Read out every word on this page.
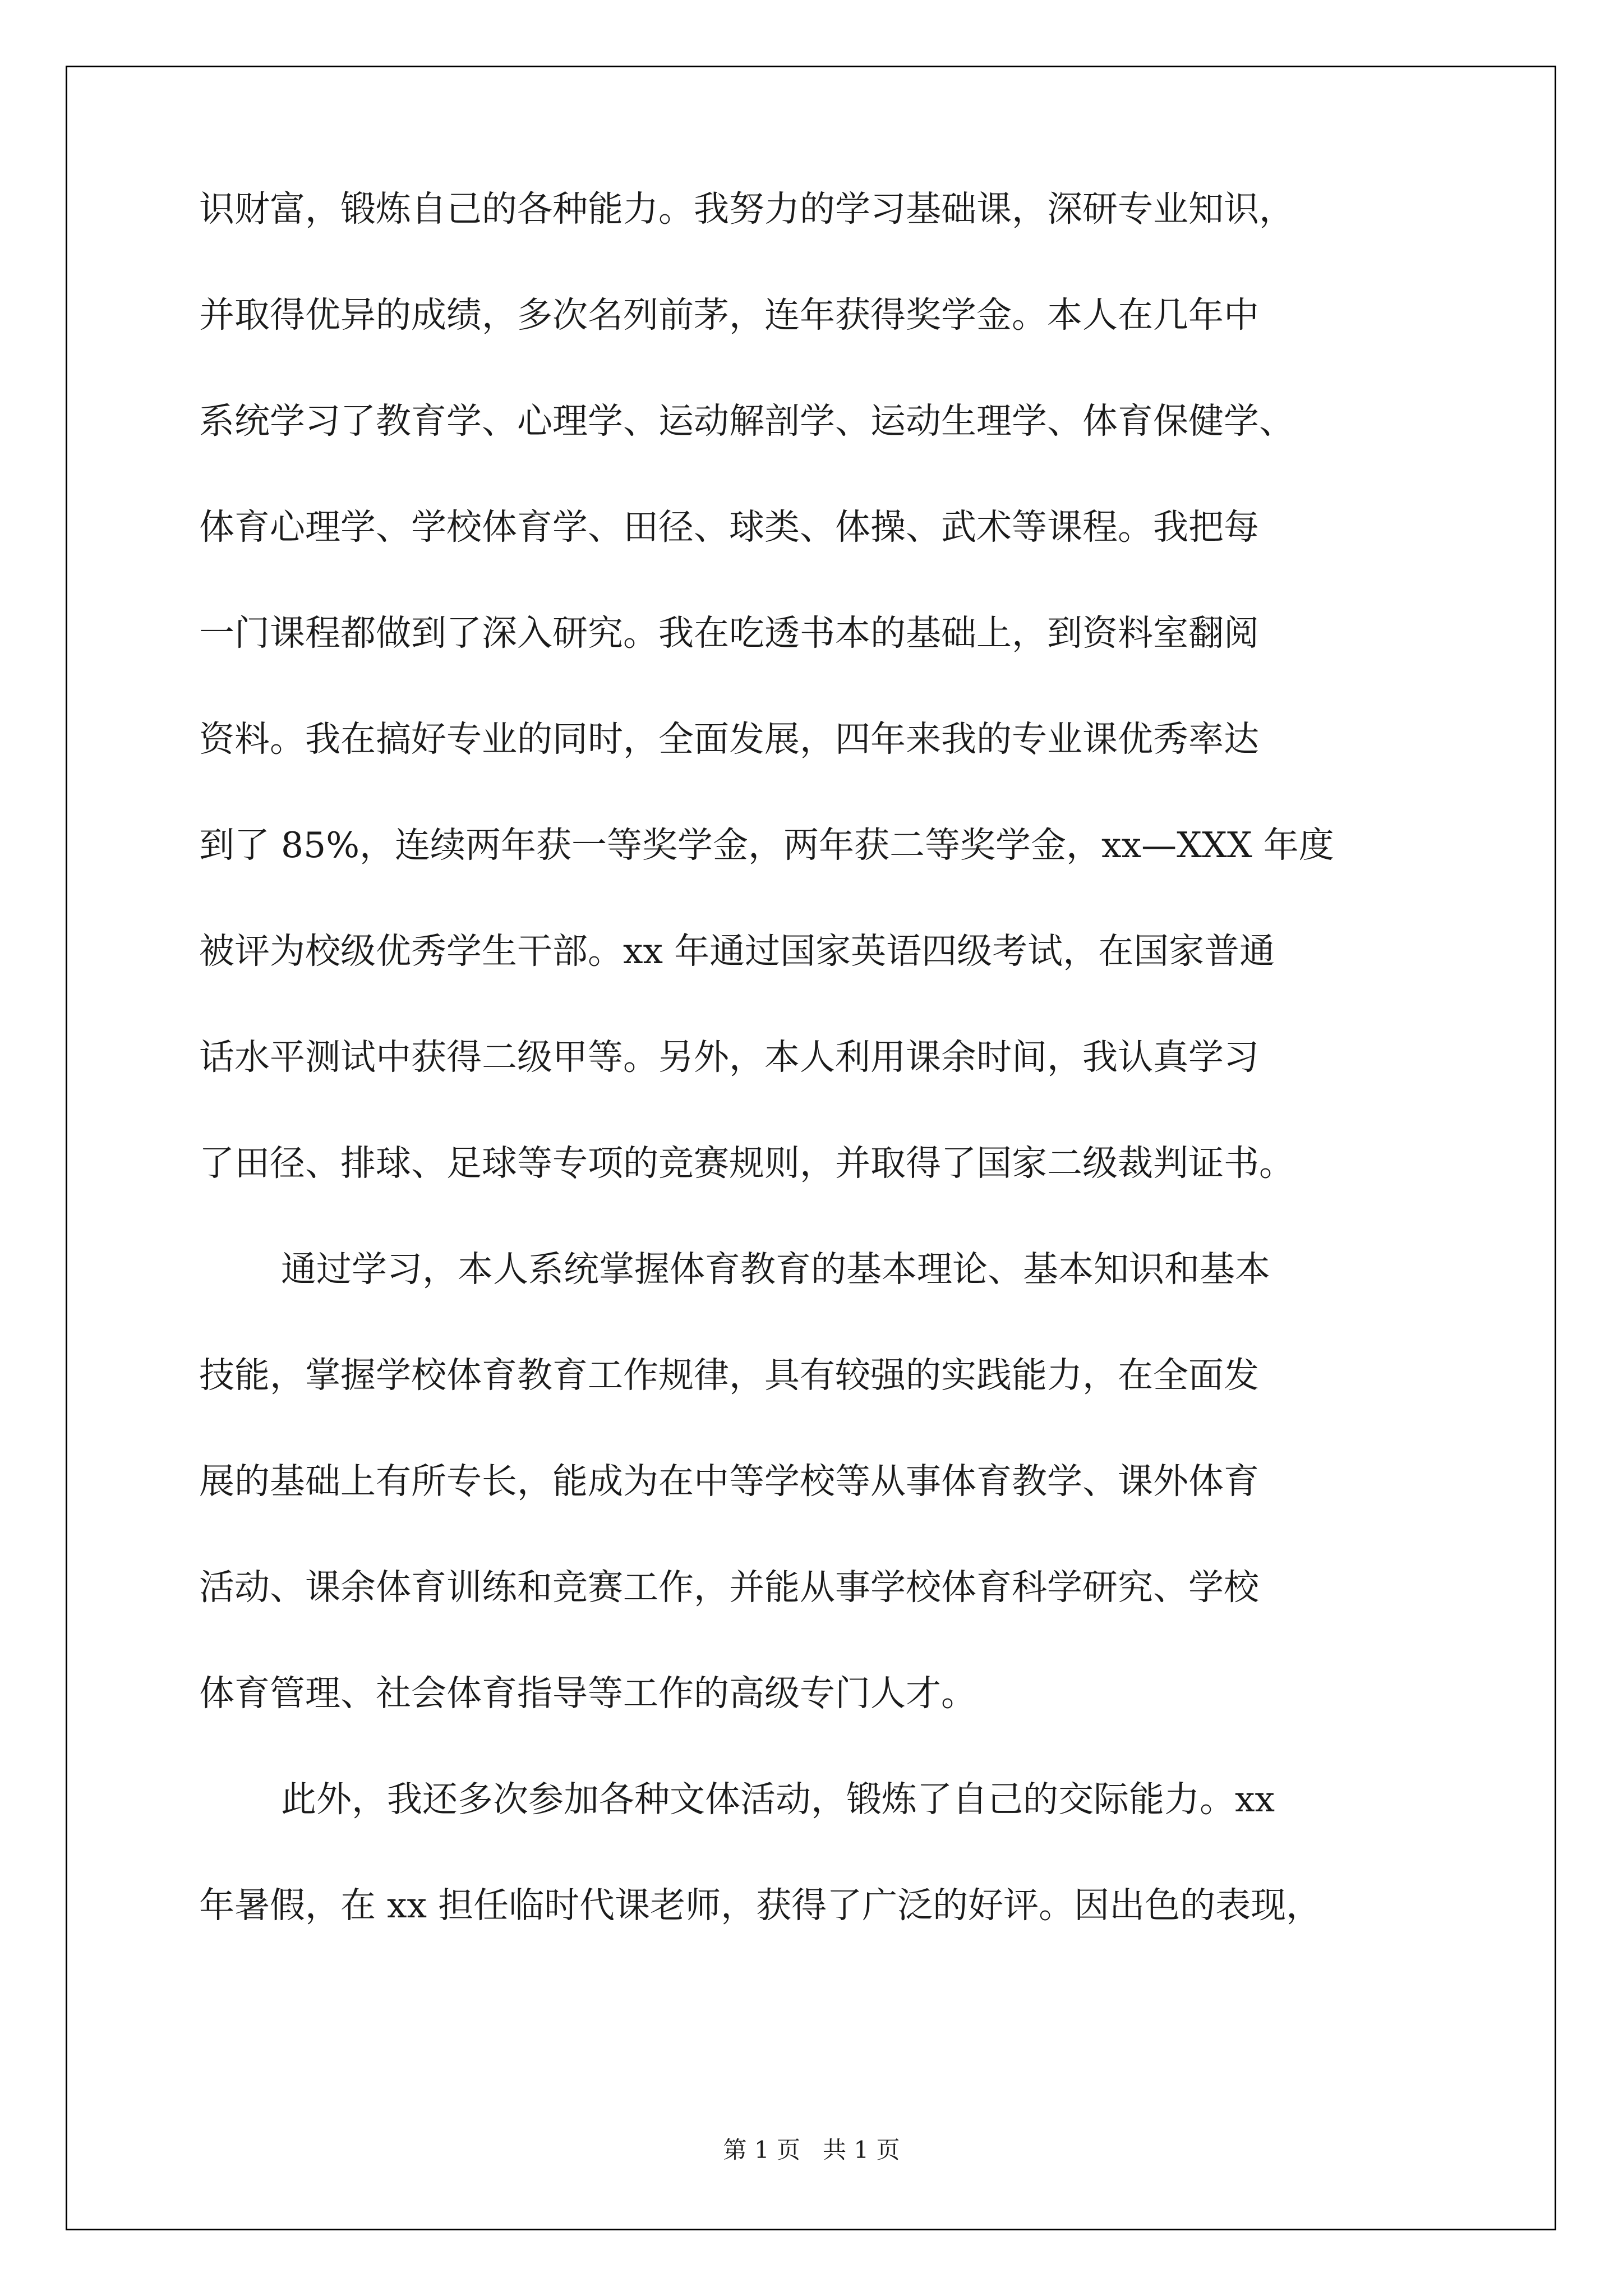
识财富，锻炼自己的各种能力。我努力的学习基础课，深研专业知识，
并取得优异的成绩，多次名列前茅，连年获得奖学金。本人在几年中
系统学习了教育学、心理学、运动解剖学、运动生理学、体育保健学、
体育心理学、学校体育学、田径、球类、体操、武术等课程。我把每
一门课程都做到了深入研究。我在吃透书本的基础上，到资料室翻阅
资料。我在搞好专业的同时，全面发展，四年来我的专业课优秀率达
到了 85%，连续两年获一等奖学金，两年获二等奖学金，xx—XXX 年度
被评为校级优秀学生干部。xx 年通过国家英语四级考试，在国家普通
话水平测试中获得二级甲等。另外，本人利用课余时间，我认真学习
了田径、排球、足球等专项的竞赛规则，并取得了国家二级裁判证书。
通过学习，本人系统掌握体育教育的基本理论、基本知识和基本
技能，掌握学校体育教育工作规律，具有较强的实践能力，在全面发
展的基础上有所专长，能成为在中等学校等从事体育教学、课外体育
活动、课余体育训练和竞赛工作，并能从事学校体育科学研究、学校
体育管理、社会体育指导等工作的高级专门人才。
此外，我还多次参加各种文体活动，锻炼了自己的交际能力。xx
年暑假，在 xx 担任临时代课老师，获得了广泛的好评。因出色的表现，
第 1 页   共 1 页
